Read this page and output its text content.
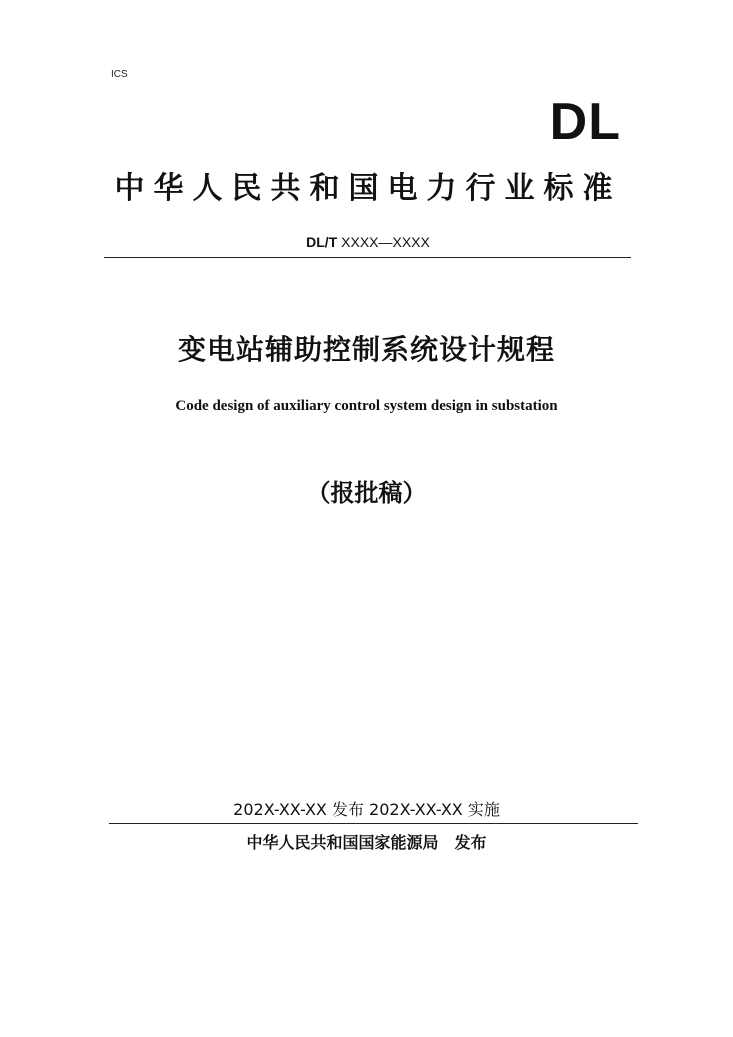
ICS
DL
中华人民共和国电力行业标准
DL/T XXXX—XXXX
变电站辅助控制系统设计规程
Code design of auxiliary control system design in substation
（报批稿）
202X-XX-XX 发布 202X-XX-XX 实施
中华人民共和国国家能源局 发布
